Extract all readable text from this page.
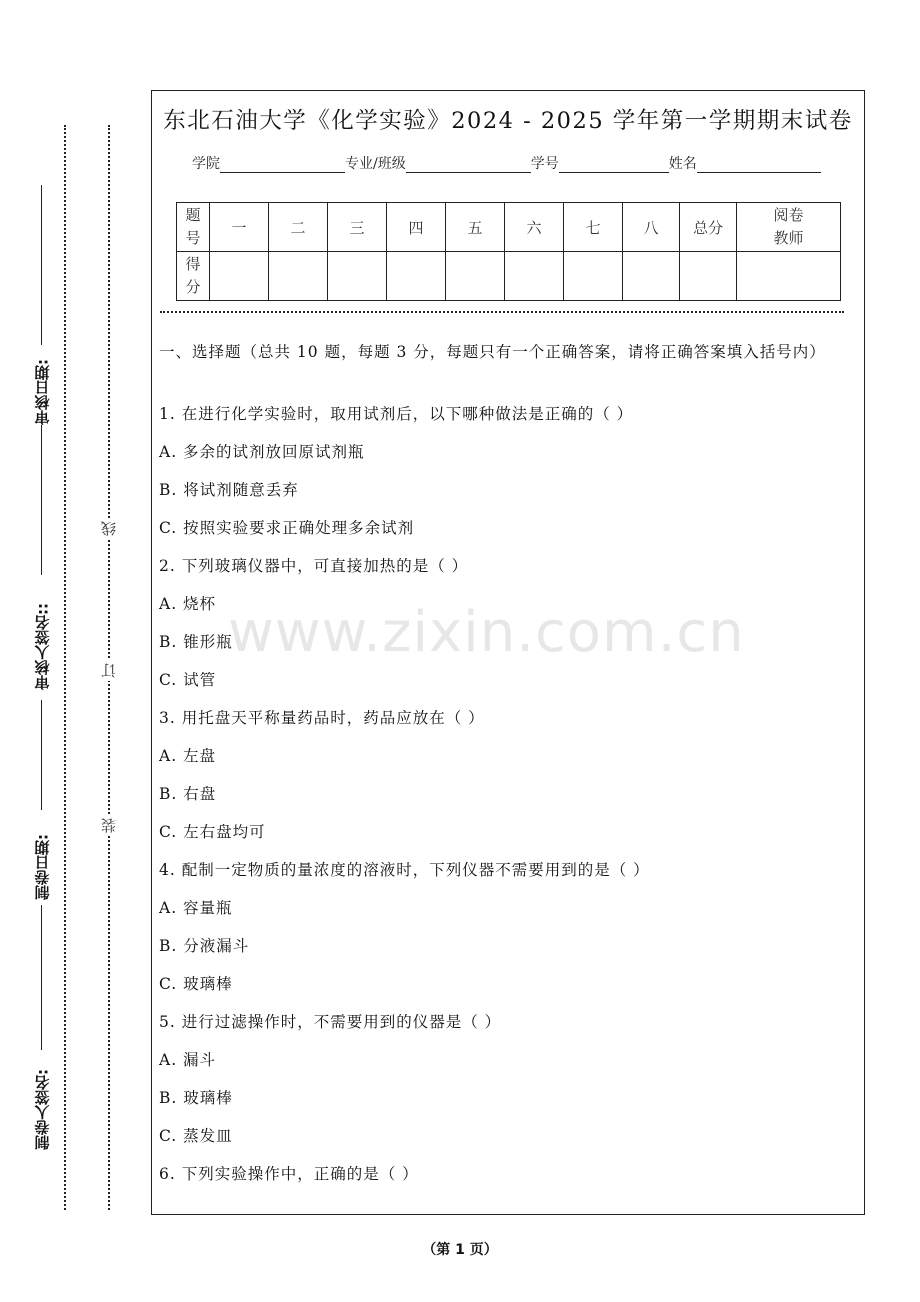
制卷人签名:
制卷日期:
审核人签名::
审核日期:
线
订
装
东北石油大学《化学实验》2024 - 2025 学年第一学期期末试卷
学院	专业/班级	学号	姓名
题号	一	二	三	四	五	六	七	八	总分	阅卷教师

得分										

一、选择题（总共 10 题，每题 3 分，每题只有一个正确答案，请将正确答案填入括号内）
1. 在进行化学实验时，取用试剂后，以下哪种做法是正确的（ ）
A. 多余的试剂放回原试剂瓶
B. 将试剂随意丢弃
C. 按照实验要求正确处理多余试剂
2. 下列玻璃仪器中，可直接加热的是（ ）
A. 烧杯
B. 锥形瓶
C. 试管
3. 用托盘天平称量药品时，药品应放在（ ）
A. 左盘
B. 右盘
C. 左右盘均可
4. 配制一定物质的量浓度的溶液时，下列仪器不需要用到的是（ ）
A. 容量瓶
B. 分液漏斗
C. 玻璃棒
5. 进行过滤操作时，不需要用到的仪器是（ ）
A. 漏斗
B. 玻璃棒
C. 蒸发皿
6. 下列实验操作中，正确的是（ ）
www.zixin.com.cn
（第 1 页）
